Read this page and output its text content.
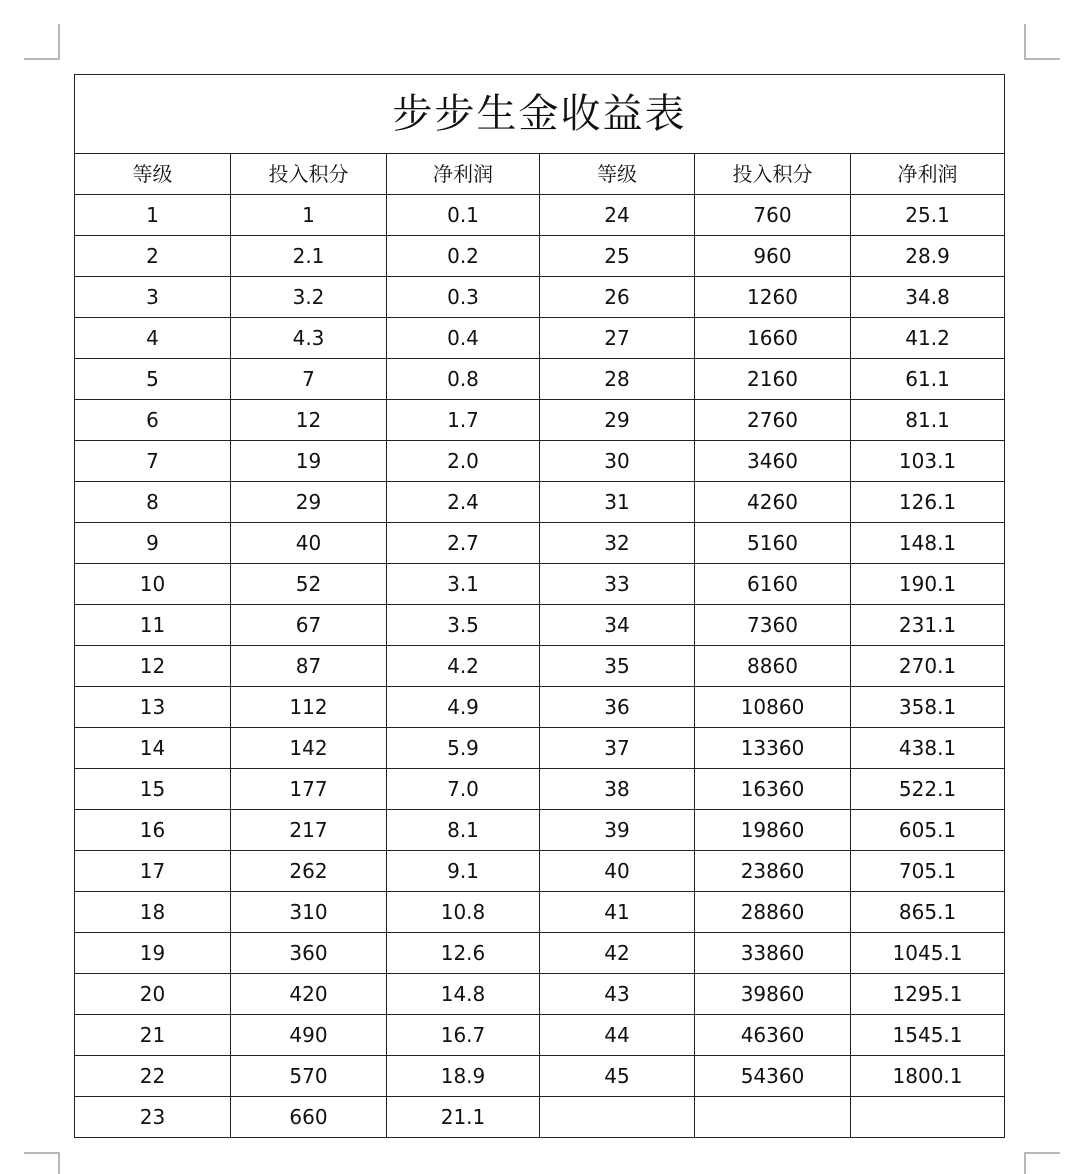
步步生金收益表					
等级	投入积分	净利润	等级	投入积分	净利润
1	1	0.1	24	760	25.1
2	2.1	0.2	25	960	28.9
3	3.2	0.3	26	1260	34.8
4	4.3	0.4	27	1660	41.2
5	7	0.8	28	2160	61.1
6	12	1.7	29	2760	81.1
7	19	2.0	30	3460	103.1
8	29	2.4	31	4260	126.1
9	40	2.7	32	5160	148.1
10	52	3.1	33	6160	190.1
11	67	3.5	34	7360	231.1
12	87	4.2	35	8860	270.1
13	112	4.9	36	10860	358.1
14	142	5.9	37	13360	438.1
15	177	7.0	38	16360	522.1
16	217	8.1	39	19860	605.1
17	262	9.1	40	23860	705.1
18	310	10.8	41	28860	865.1
19	360	12.6	42	33860	1045.1
20	420	14.8	43	39860	1295.1
21	490	16.7	44	46360	1545.1
22	570	18.9	45	54360	1800.1
23	660	21.1			
